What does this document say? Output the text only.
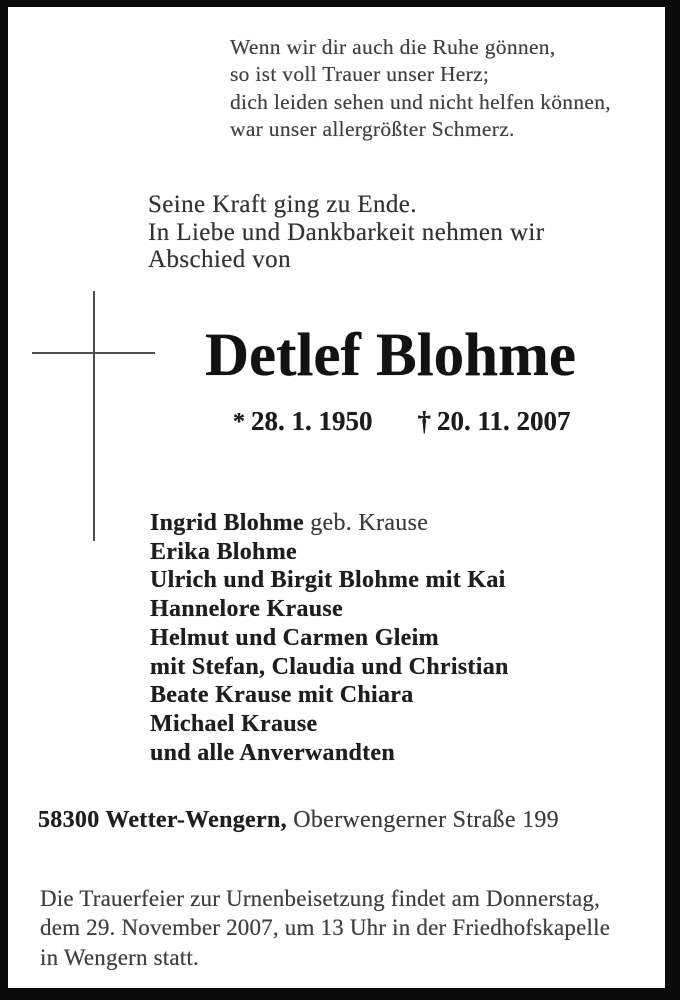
Wenn wir dir auch die Ruhe gönnen,
so ist voll Trauer unser Herz;
dich leiden sehen und nicht helfen können,
war unser allergrößter Schmerz.
Seine Kraft ging zu Ende.
In Liebe und Dankbarkeit nehmen wir
Abschied von
Detlef Blohme
* 28. 1. 1950 † 20. 11. 2007
Ingrid Blohme geb. Krause
Erika Blohme
Ulrich und Birgit Blohme mit Kai
Hannelore Krause
Helmut und Carmen Gleim
mit Stefan, Claudia und Christian
Beate Krause mit Chiara
Michael Krause
und alle Anverwandten
58300 Wetter-Wengern, Oberwengerner Straße 199
Die Trauerfeier zur Urnenbeisetzung findet am Donnerstag,
dem 29. November 2007, um 13 Uhr in der Friedhofskapelle
in Wengern statt.
